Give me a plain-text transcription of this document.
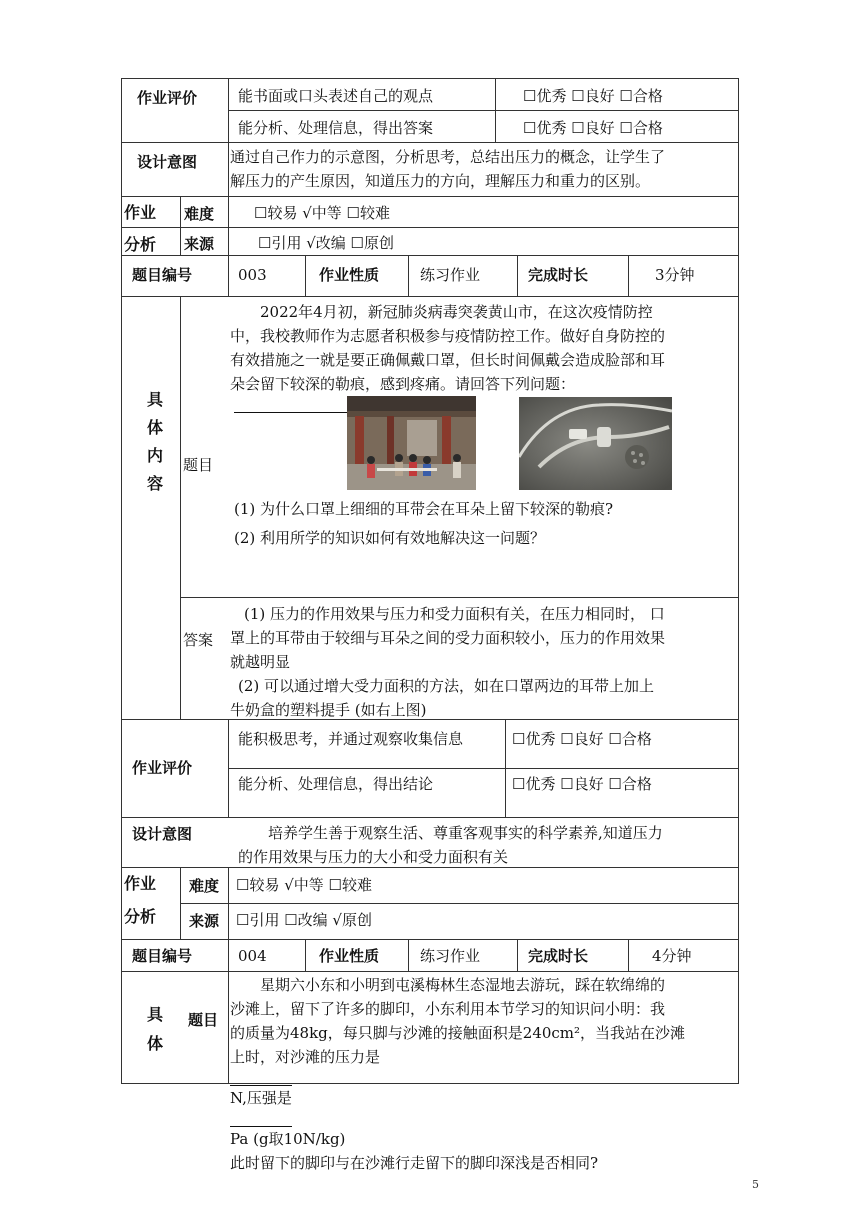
作业评价	能书面或口头表述自己的观点	☐优秀 ☐良好 ☐合格
能分析、处理信息，得出答案	☐优秀 ☐良好 ☐合格
设计意图 通过自己作力的示意图，分析思考，总结出压力的概念，让学生了
解压力的产生原因，知道压力的方向，理解压力和重力的区别。
作业
分析
难度	☐较易 √中等 ☐较难
来源	☐引用 √改编 ☐原创
题目编号	003	作业性质	练习作业	完成时长	3分钟
具
体
内
容
题目
2022年4月初，新冠肺炎病毒突袭黄山市，在这次疫情防控
中，我校教师作为志愿者积极参与疫情防控工作。做好自身防控的
有效措施之一就是要正确佩戴口罩，但长时间佩戴会造成脸部和耳
朵会留下较深的勒痕，感到疼痛。请回答下列问题：
(1) 为什么口罩上细细的耳带会在耳朵上留下较深的勒痕?
(2) 利用所学的知识如何有效地解决这一问题？
答案
(1) 压力的作用效果与压力和受力面积有关，在压力相同时， 口
罩上的耳带由于较细与耳朵之间的受力面积较小，压力的作用效果
就越明显
(2) 可以通过增大受力面积的方法，如在口罩两边的耳带上加上
牛奶盒的塑料提手 (如右上图)
作业评价
能积极思考，并通过观察收集信息	☐优秀 ☐良好 ☐合格
能分析、处理信息，得出结论	☐优秀 ☐良好 ☐合格
设计意图	培养学生善于观察生活、尊重客观事实的科学素养,知道压力
的作用效果与压力的大小和受力面积有关
作业
分析
难度 ☐较易 √中等 ☐较难
来源 ☐引用 ☐改编 √原创
题目编号	004	作业性质	练习作业	完成时长	4分钟
具
体
题目
星期六小东和小明到屯溪梅林生态湿地去游玩，踩在软绵绵的
沙滩上，留下了许多的脚印，小东利用本节学习的知识问小明：我
的质量为48kg，每只脚与沙滩的接触面积是240cm²，当我站在沙滩
上时，对沙滩的压力是
N,压强是
Pa (g取10N/kg)
此时留下的脚印与在沙滩行走留下的脚印深浅是否相同?
5
